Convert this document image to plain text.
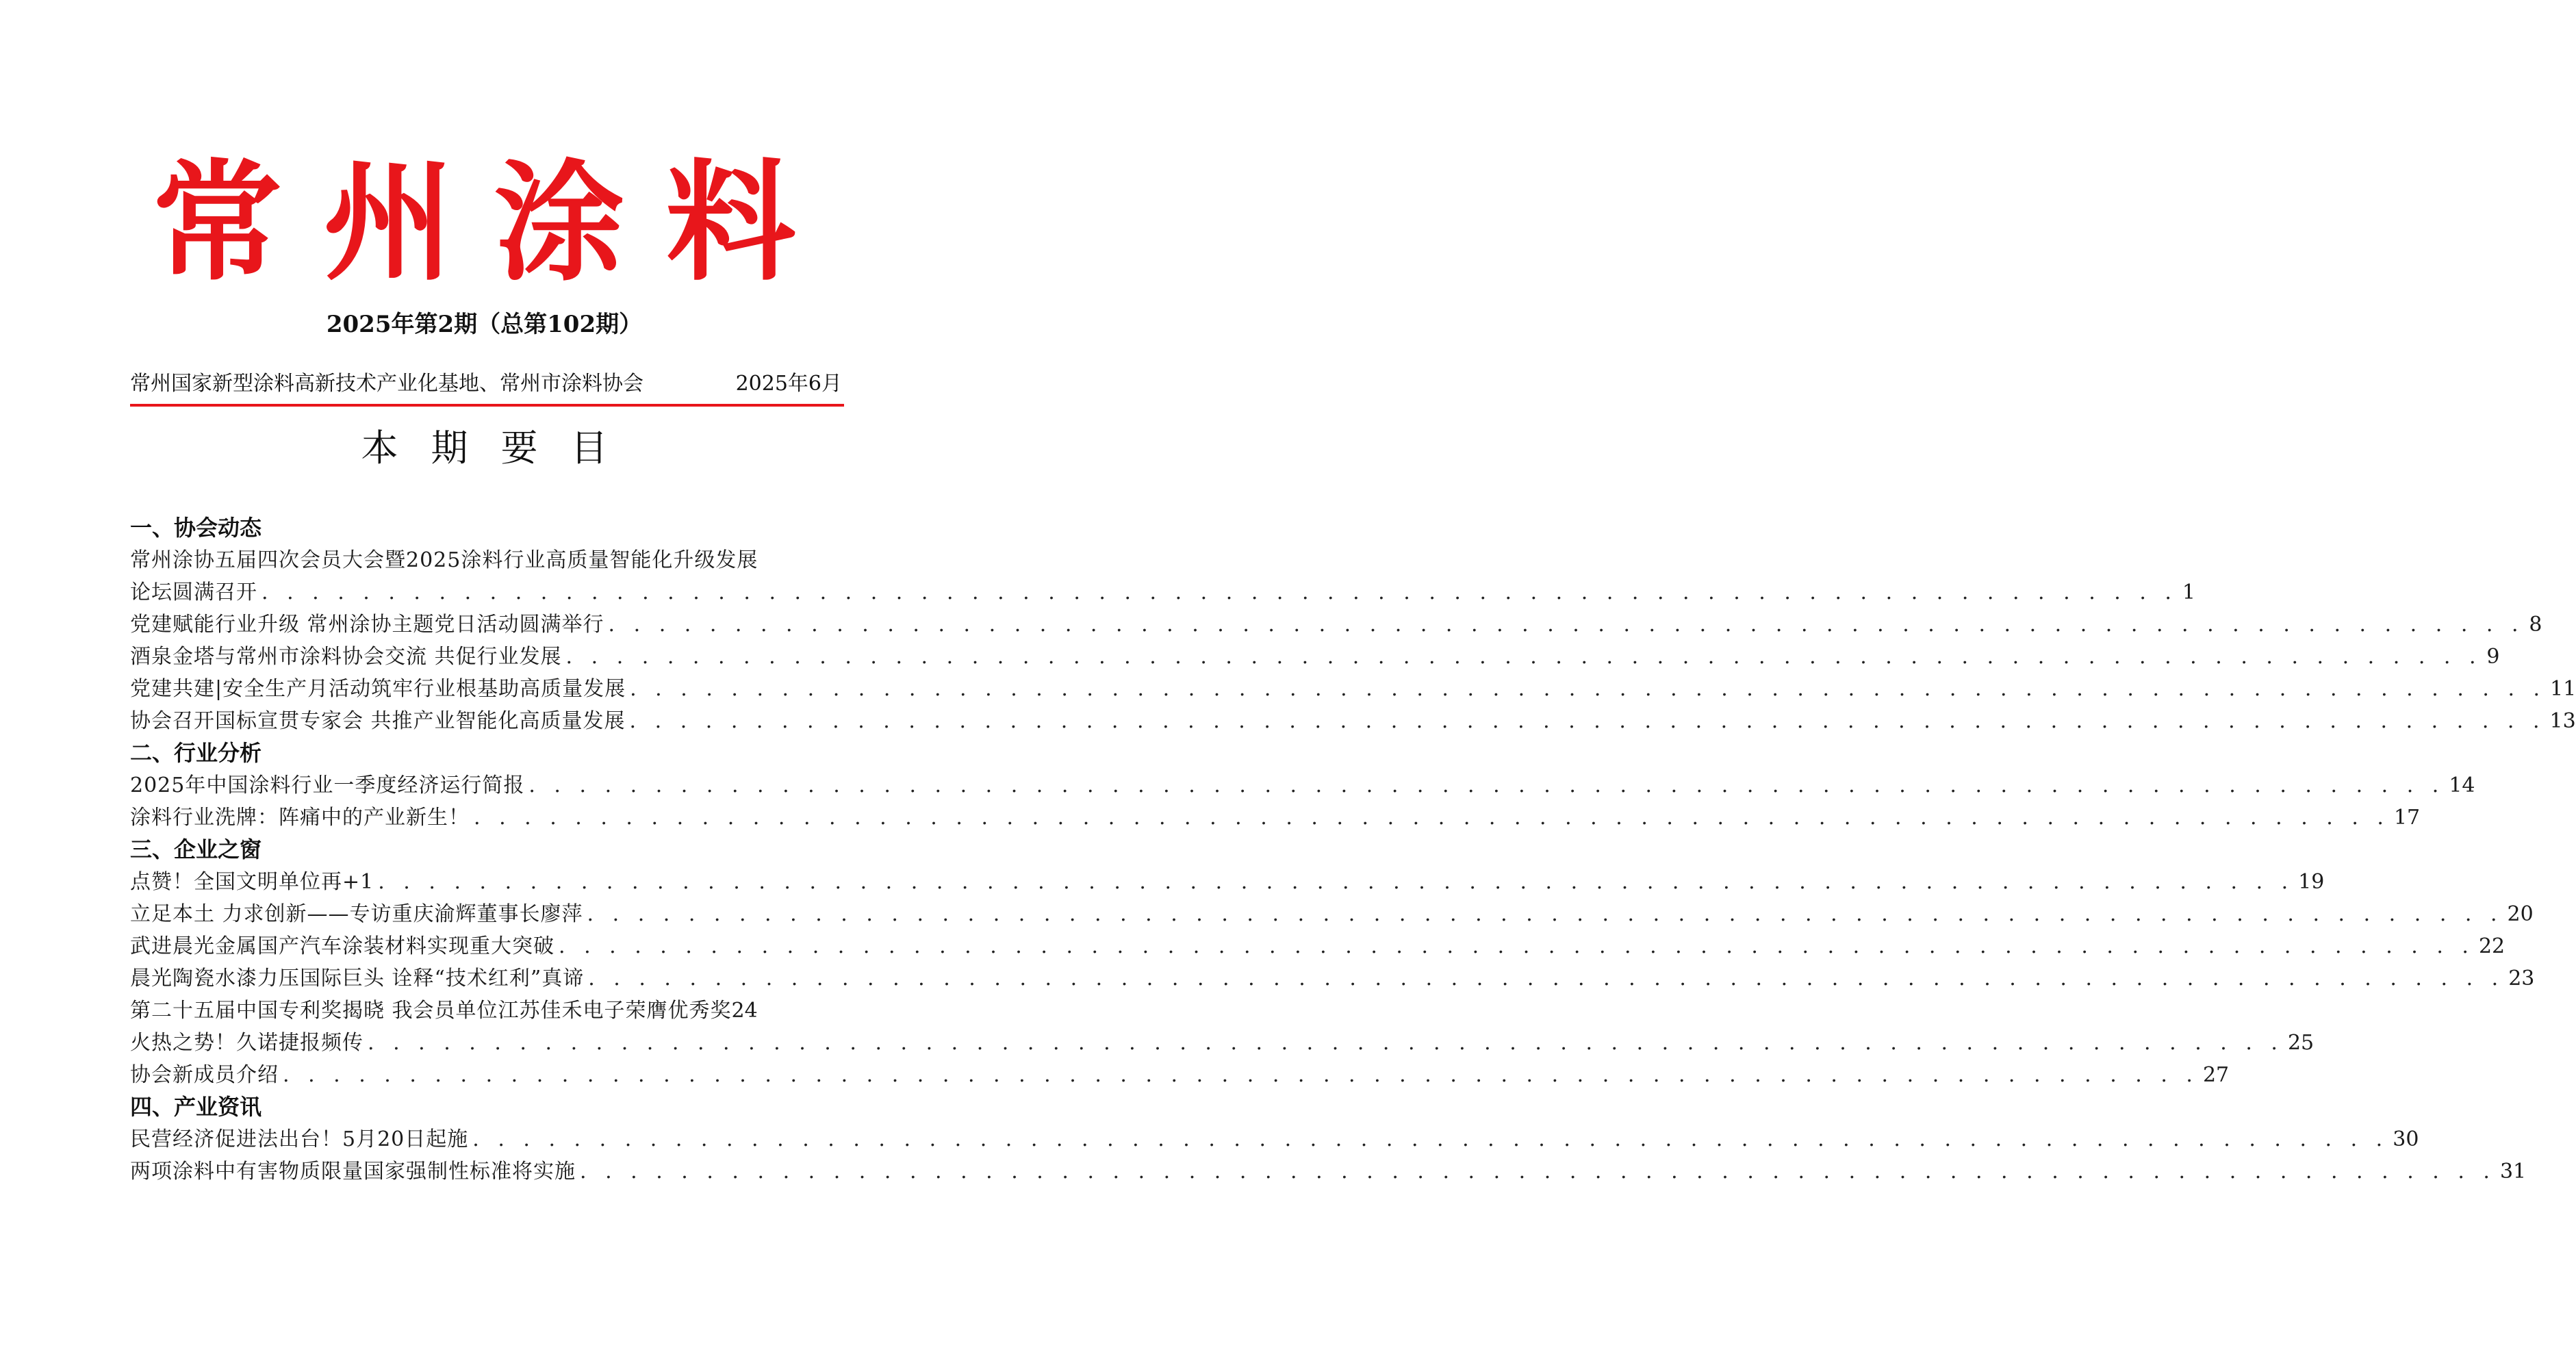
常州涂料
2025年第2期（总第102期）
常州国家新型涂料高新技术产业化基地、常州市涂料协会	2025年6月
本期要目
一、协会动态
常州涂协五届四次会员大会暨2025涂料行业高质量智能化升级发展
论坛圆满召开 . . . . . . . . . . . . . . . . . . . . . . . . . . . . . . . . . . . . . . . . . . . . . . . . . . . . . . . . . . . . . . . . . . . . . . . . . . . . 1
党建赋能行业升级 常州涂协主题党日活动圆满举行 . . . . . . . . . . . . . . . . . . . . . . . . . . . . . . . . . . . . . . . . . . . . . . . . . . . . . . . . . . . . . . . . . . . . . . . . . . . . 8
酒泉金塔与常州市涂料协会交流 共促行业发展 . . . . . . . . . . . . . . . . . . . . . . . . . . . . . . . . . . . . . . . . . . . . . . . . . . . . . . . . . . . . . . . . . . . . . . . . . . . . 9
党建共建|安全生产月活动筑牢行业根基助高质量发展 . . . . . . . . . . . . . . . . . . . . . . . . . . . . . . . . . . . . . . . . . . . . . . . . . . . . . . . . . . . . . . . . . . . . . . . . . . . . 11
协会召开国标宣贯专家会 共推产业智能化高质量发展 . . . . . . . . . . . . . . . . . . . . . . . . . . . . . . . . . . . . . . . . . . . . . . . . . . . . . . . . . . . . . . . . . . . . . . . . . . . . 13
二、行业分析
2025年中国涂料行业一季度经济运行简报 . . . . . . . . . . . . . . . . . . . . . . . . . . . . . . . . . . . . . . . . . . . . . . . . . . . . . . . . . . . . . . . . . . . . . . . . . . . . 14
涂料行业洗牌：阵痛中的产业新生！ . . . . . . . . . . . . . . . . . . . . . . . . . . . . . . . . . . . . . . . . . . . . . . . . . . . . . . . . . . . . . . . . . . . . . . . . . . . . 17
三、企业之窗
点赞！全国文明单位再+1 . . . . . . . . . . . . . . . . . . . . . . . . . . . . . . . . . . . . . . . . . . . . . . . . . . . . . . . . . . . . . . . . . . . . . . . . . . . . 19
立足本土 力求创新——专访重庆渝辉董事长廖萍 . . . . . . . . . . . . . . . . . . . . . . . . . . . . . . . . . . . . . . . . . . . . . . . . . . . . . . . . . . . . . . . . . . . . . . . . . . . . 20
武进晨光金属国产汽车涂装材料实现重大突破 . . . . . . . . . . . . . . . . . . . . . . . . . . . . . . . . . . . . . . . . . . . . . . . . . . . . . . . . . . . . . . . . . . . . . . . . . . . . 22
晨光陶瓷水漆力压国际巨头 诠释“技术红利”真谛 . . . . . . . . . . . . . . . . . . . . . . . . . . . . . . . . . . . . . . . . . . . . . . . . . . . . . . . . . . . . . . . . . . . . . . . . . . . . 23
第二十五届中国专利奖揭晓 我会员单位江苏佳禾电子荣膺优秀奖 24
火热之势！久诺捷报频传 . . . . . . . . . . . . . . . . . . . . . . . . . . . . . . . . . . . . . . . . . . . . . . . . . . . . . . . . . . . . . . . . . . . . . . . . . . . . 25
协会新成员介绍 . . . . . . . . . . . . . . . . . . . . . . . . . . . . . . . . . . . . . . . . . . . . . . . . . . . . . . . . . . . . . . . . . . . . . . . . . . . . 27
四、产业资讯
民营经济促进法出台！5月20日起施 . . . . . . . . . . . . . . . . . . . . . . . . . . . . . . . . . . . . . . . . . . . . . . . . . . . . . . . . . . . . . . . . . . . . . . . . . . . . 30
两项涂料中有害物质限量国家强制性标准将实施 . . . . . . . . . . . . . . . . . . . . . . . . . . . . . . . . . . . . . . . . . . . . . . . . . . . . . . . . . . . . . . . . . . . . . . . . . . . . 31
